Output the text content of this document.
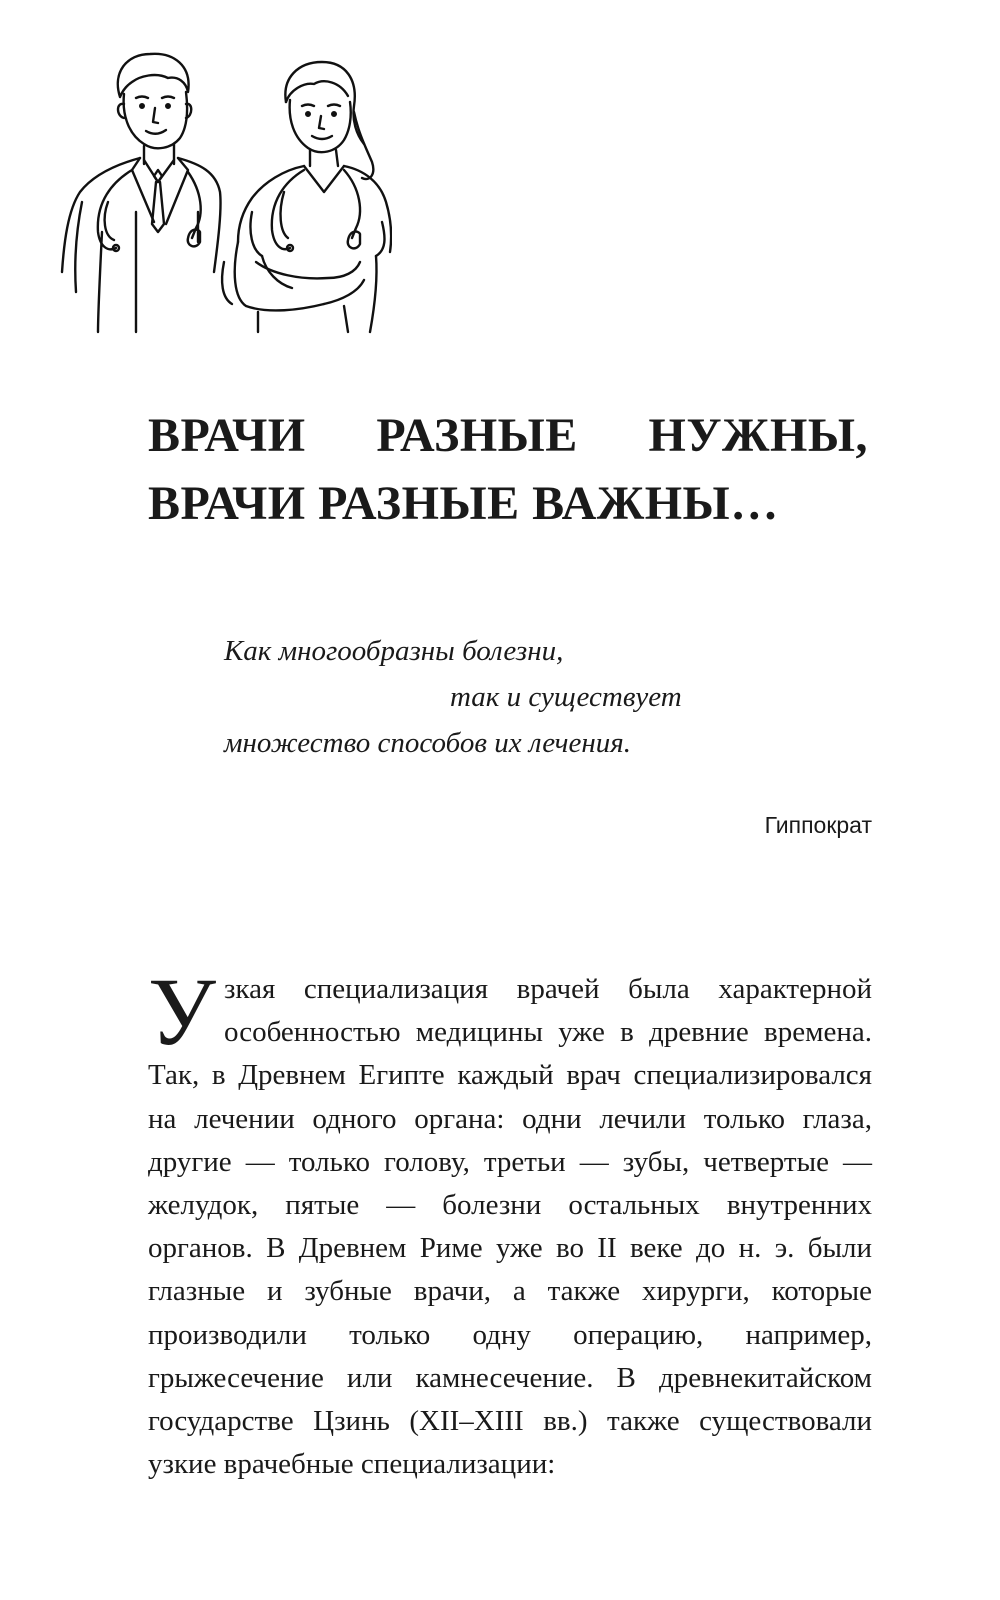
ВРАЧИ РАЗНЫЕ НУЖНЫ,
ВРАЧИ РАЗНЫЕ ВАЖНЫ…
Как многообразны болезни,
так и существует
множество способов их лечения.
Гиппократ

Узкая специализация врачей была характерной особенностью медицины уже в древние времена. Так, в Древнем Египте каждый врач специализировался на лечении одного органа: одни лечили только глаза, другие — только голову, третьи — зубы, четвертые — желудок, пятые — болезни остальных внутренних органов. В Древнем Риме уже во II веке до н. э. были глазные и зубные врачи, а также хирурги, которые производили только одну операцию, например, грыжесечение или камнесечение. В древнекитайском государстве Цзинь (XII–XIII вв.) также существовали узкие врачебные специализации:
